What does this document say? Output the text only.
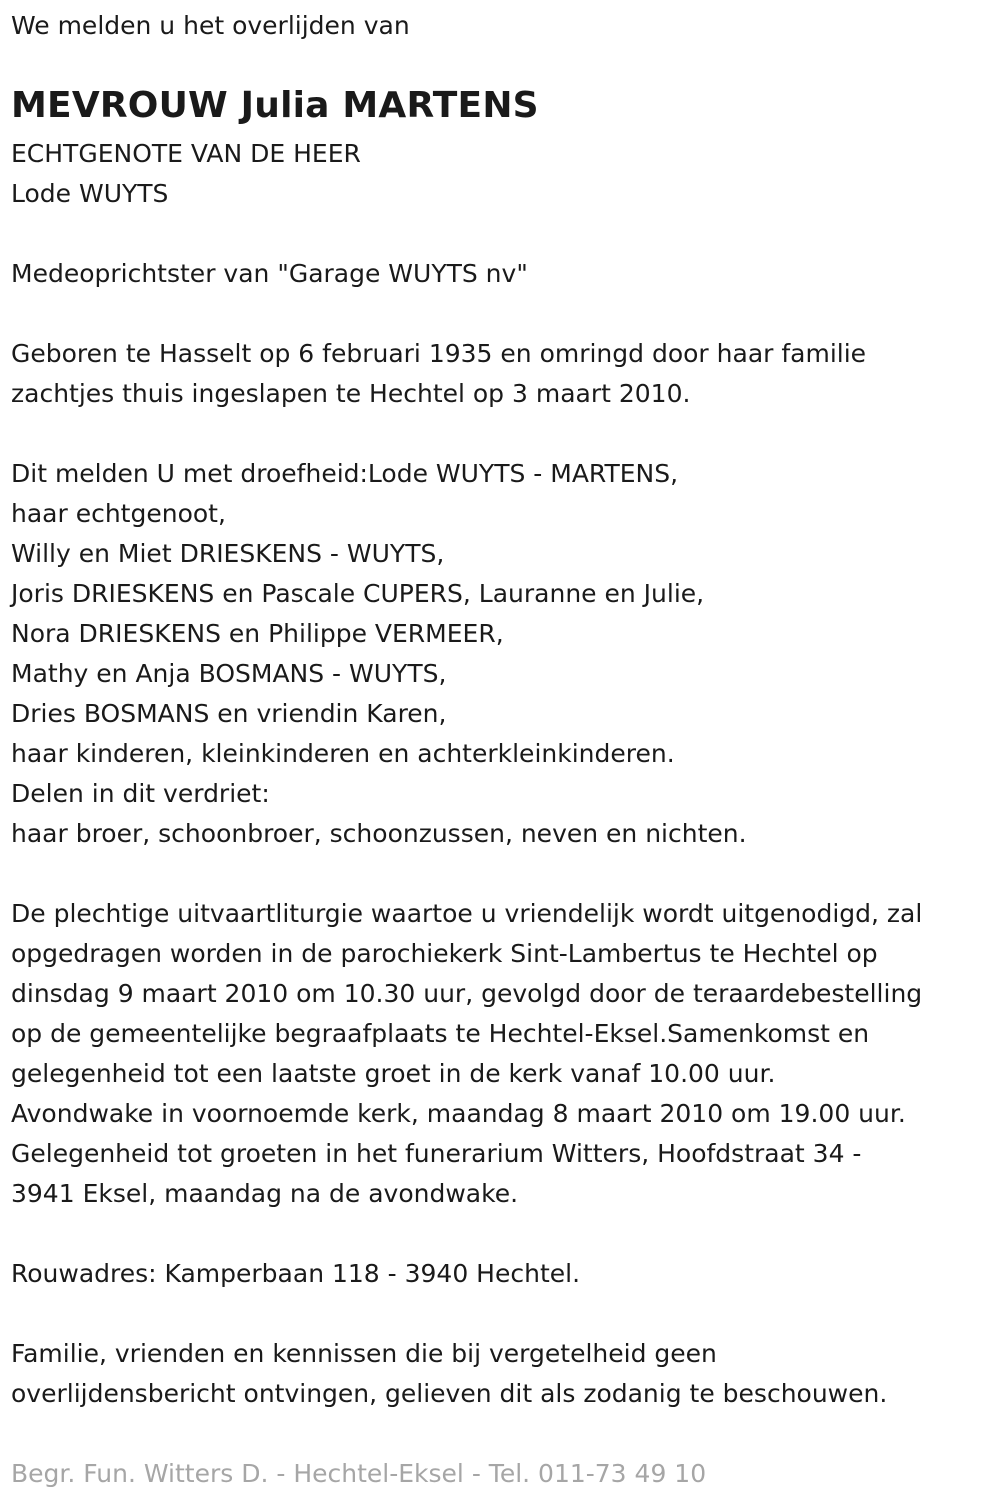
We melden u het overlijden van
MEVROUW Julia MARTENS
ECHTGENOTE VAN DE HEER
Lode WUYTS
Medeoprichtster van "Garage WUYTS nv"
Geboren te Hasselt op 6 februari 1935 en omringd door haar familie
zachtjes thuis ingeslapen te Hechtel op 3 maart 2010.
Dit melden U met droefheid:Lode WUYTS - MARTENS,
haar echtgenoot,
Willy en Miet DRIESKENS - WUYTS,
Joris DRIESKENS en Pascale CUPERS, Lauranne en Julie,
Nora DRIESKENS en Philippe VERMEER,
Mathy en Anja BOSMANS - WUYTS,
Dries BOSMANS en vriendin Karen,
haar kinderen, kleinkinderen en achterkleinkinderen.
Delen in dit verdriet:
haar broer, schoonbroer, schoonzussen, neven en nichten.
De plechtige uitvaartliturgie waartoe u vriendelijk wordt uitgenodigd, zal
opgedragen worden in de parochiekerk Sint-Lambertus te Hechtel op
dinsdag 9 maart 2010 om 10.30 uur, gevolgd door de teraardebestelling
op de gemeentelijke begraafplaats te Hechtel-Eksel.Samenkomst en
gelegenheid tot een laatste groet in de kerk vanaf 10.00 uur.
Avondwake in voornoemde kerk, maandag 8 maart 2010 om 19.00 uur.
Gelegenheid tot groeten in het funerarium Witters, Hoofdstraat 34 -
3941 Eksel, maandag na de avondwake.
Rouwadres: Kamperbaan 118 - 3940 Hechtel.
Familie, vrienden en kennissen die bij vergetelheid geen
overlijdensbericht ontvingen, gelieven dit als zodanig te beschouwen.
Begr. Fun. Witters D. - Hechtel-Eksel - Tel. 011-73 49 10
